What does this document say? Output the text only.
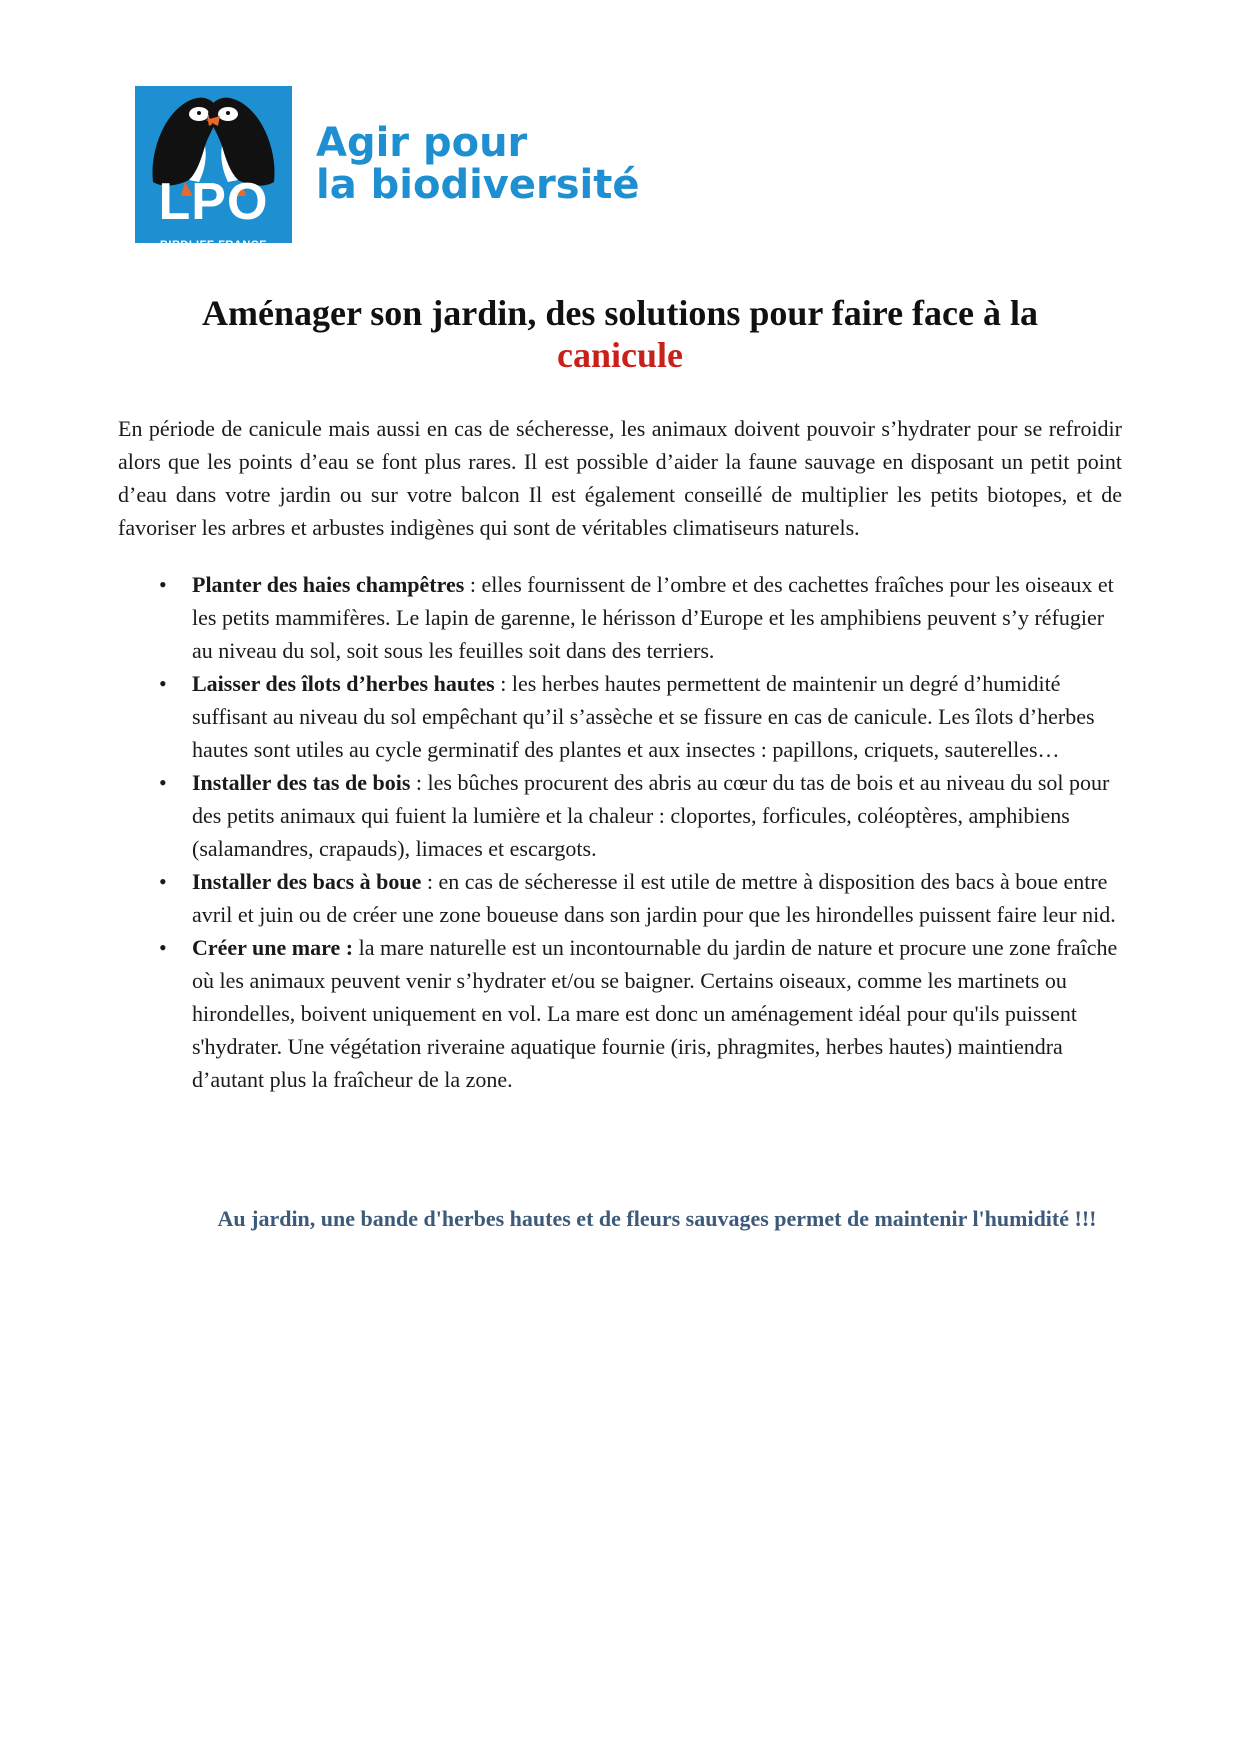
LPO
BIRDLIFE FRANCE
Agir pour
la biodiversité
Aménager son jardin, des solutions pour faire face à la
canicule

En période de canicule mais aussi en cas de sécheresse, les animaux doivent pouvoir s’hydrater pour se refroidir alors que les points d’eau se font plus rares. Il est possible d’aider la faune sauvage en disposant un petit point d’eau dans votre jardin ou sur votre balcon Il est également conseillé de multiplier les petits biotopes, et de favoriser les arbres et arbustes indigènes qui sont de véritables climatiseurs naturels.

• Planter des haies champêtres : elles fournissent de l’ombre et des cachettes fraîches pour les oiseaux et les petits mammifères. Le lapin de garenne, le hérisson d’Europe et les amphibiens peuvent s’y réfugier au niveau du sol, soit sous les feuilles soit dans des terriers.
• Laisser des îlots d’herbes hautes : les herbes hautes permettent de maintenir un degré d’humidité suffisant au niveau du sol empêchant qu’il s’assèche et se fissure en cas de canicule. Les îlots d’herbes hautes sont utiles au cycle germinatif des plantes et aux insectes : papillons, criquets, sauterelles…
• Installer des tas de bois : les bûches procurent des abris au cœur du tas de bois et au niveau du sol pour des petits animaux qui fuient la lumière et la chaleur : cloportes, forficules, coléoptères, amphibiens (salamandres, crapauds), limaces et escargots.
• Installer des bacs à boue : en cas de sécheresse il est utile de mettre à disposition des bacs à boue entre avril et juin ou de créer une zone boueuse dans son jardin pour que les hirondelles puissent faire leur nid.
• Créer une mare : la mare naturelle est un incontournable du jardin de nature et procure une zone fraîche où les animaux peuvent venir s’hydrater et/ou se baigner. Certains oiseaux, comme les martinets ou hirondelles, boivent uniquement en vol. La mare est donc un aménagement idéal pour qu'ils puissent s'hydrater. Une végétation riveraine aquatique fournie (iris, phragmites, herbes hautes) maintiendra d’autant plus la fraîcheur de la zone.

Au jardin, une bande d'herbes hautes et de fleurs sauvages permet de maintenir l'humidité !!!
